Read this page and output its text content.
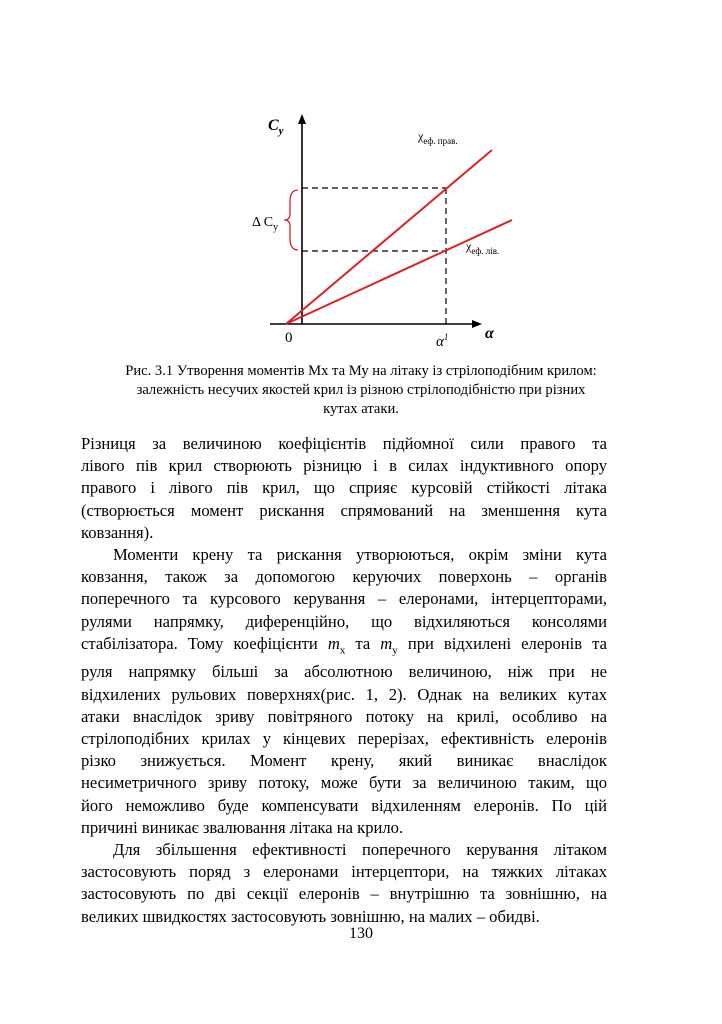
$C_y$
α
0	$\alpha^1$
Δ $C_y$
$\chi_{еф. прав.}$
$\chi_{еф. лів.}$
Рис. 3.1 Утворення моментів Мх та Му на літаку із стрілоподібним крилом:
залежність несучих якостей крил із різною стрілоподібністю при різних
кутах атаки.

Різниця за величиною коефіцієнтів підйомної сили правого та
лівого пів крил створюють різницю і в силах індуктивного опору
правого і лівого пів крил, що сприяє курсовій стійкості літака
(створюється момент рискання спрямований на зменшення кута
ковзання).

Моменти крену та рискання утворюються, окрім зміни кута
ковзання, також за допомогою керуючих поверхонь – органів
поперечного та курсового керування – елеронами, інтерцепторами,
рулями напрямку, диференційно, що відхиляються консолями
стабілізатора. Тому коефіцієнти $m_x$ та $m_y$ при відхилені елеронів та
руля напрямку більші за абсолютною величиною, ніж при не
відхилених рульових поверхнях(рис. 1, 2). Однак на великих кутах
атаки внаслідок зриву повітряного потоку на крилі, особливо на
стрілоподібних крилах у кінцевих перерізах, ефективність елеронів
різко знижується. Момент крену, який виникає внаслідок
несиметричного зриву потоку, може бути за величиною таким, що
його неможливо буде компенсувати відхиленням елеронів. По цій
причині виникає звалювання літака на крило.

Для збільшення ефективності поперечного керування літаком
застосовують поряд з елеронами інтерцептори, на тяжких літаках
застосовують по дві секції елеронів – внутрішню та зовнішню, на
великих швидкостях застосовують зовнішню, на малих – обидві.

130
